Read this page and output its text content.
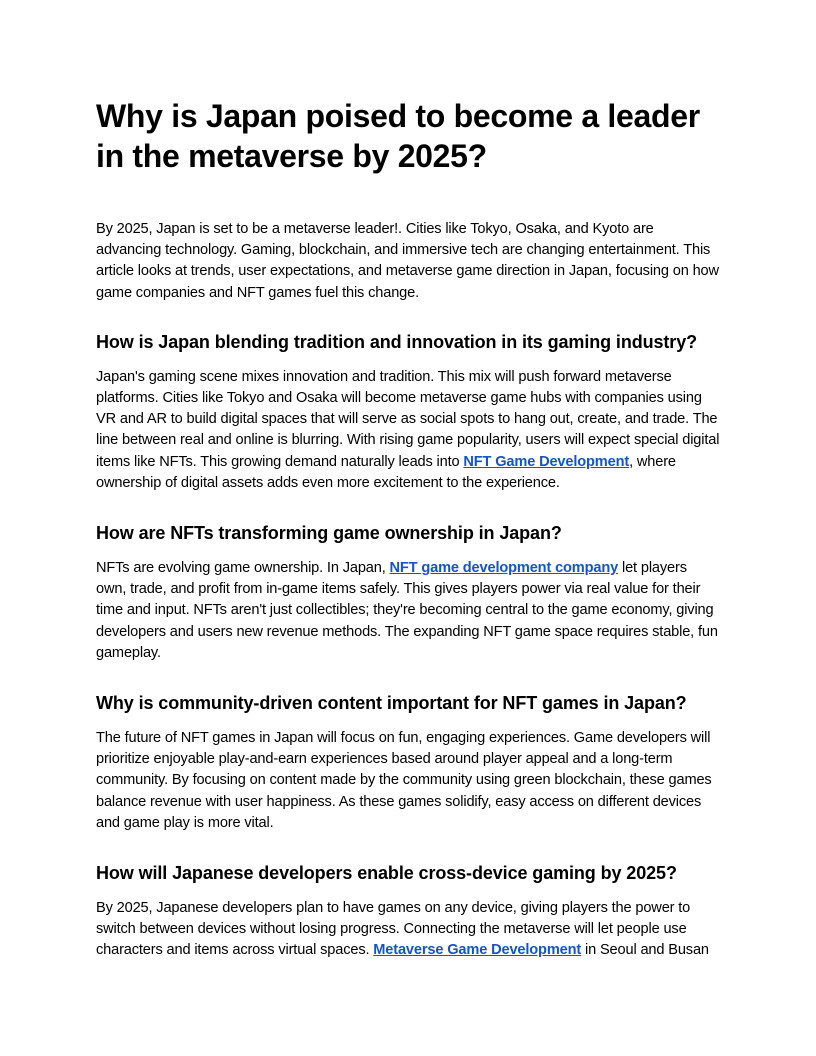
Why is Japan poised to become a leader in the metaverse by 2025?

By 2025, Japan is set to be a metaverse leader!. Cities like Tokyo, Osaka, and Kyoto are advancing technology. Gaming, blockchain, and immersive tech are changing entertainment. This article looks at trends, user expectations, and metaverse game direction in Japan, focusing on how game companies and NFT games fuel this change.

How is Japan blending tradition and innovation in its gaming industry?

Japan's gaming scene mixes innovation and tradition. This mix will push forward metaverse platforms. Cities like Tokyo and Osaka will become metaverse game hubs with companies using VR and AR to build digital spaces that will serve as social spots to hang out, create, and trade. The line between real and online is blurring. With rising game popularity, users will expect special digital items like NFTs. This growing demand naturally leads into NFT Game Development, where ownership of digital assets adds even more excitement to the experience.

How are NFTs transforming game ownership in Japan?

NFTs are evolving game ownership. In Japan, NFT game development company let players own, trade, and profit from in-game items safely. This gives players power via real value for their time and input. NFTs aren't just collectibles; they're becoming central to the game economy, giving developers and users new revenue methods. The expanding NFT game space requires stable, fun gameplay.

Why is community-driven content important for NFT games in Japan?

The future of NFT games in Japan will focus on fun, engaging experiences. Game developers will prioritize enjoyable play-and-earn experiences based around player appeal and a long-term community. By focusing on content made by the community using green blockchain, these games balance revenue with user happiness. As these games solidify, easy access on different devices and game play is more vital.

How will Japanese developers enable cross-device gaming by 2025?

By 2025, Japanese developers plan to have games on any device, giving players the power to switch between devices without losing progress. Connecting the metaverse will let people use characters and items across virtual spaces. Metaverse Game Development in Seoul and Busan
